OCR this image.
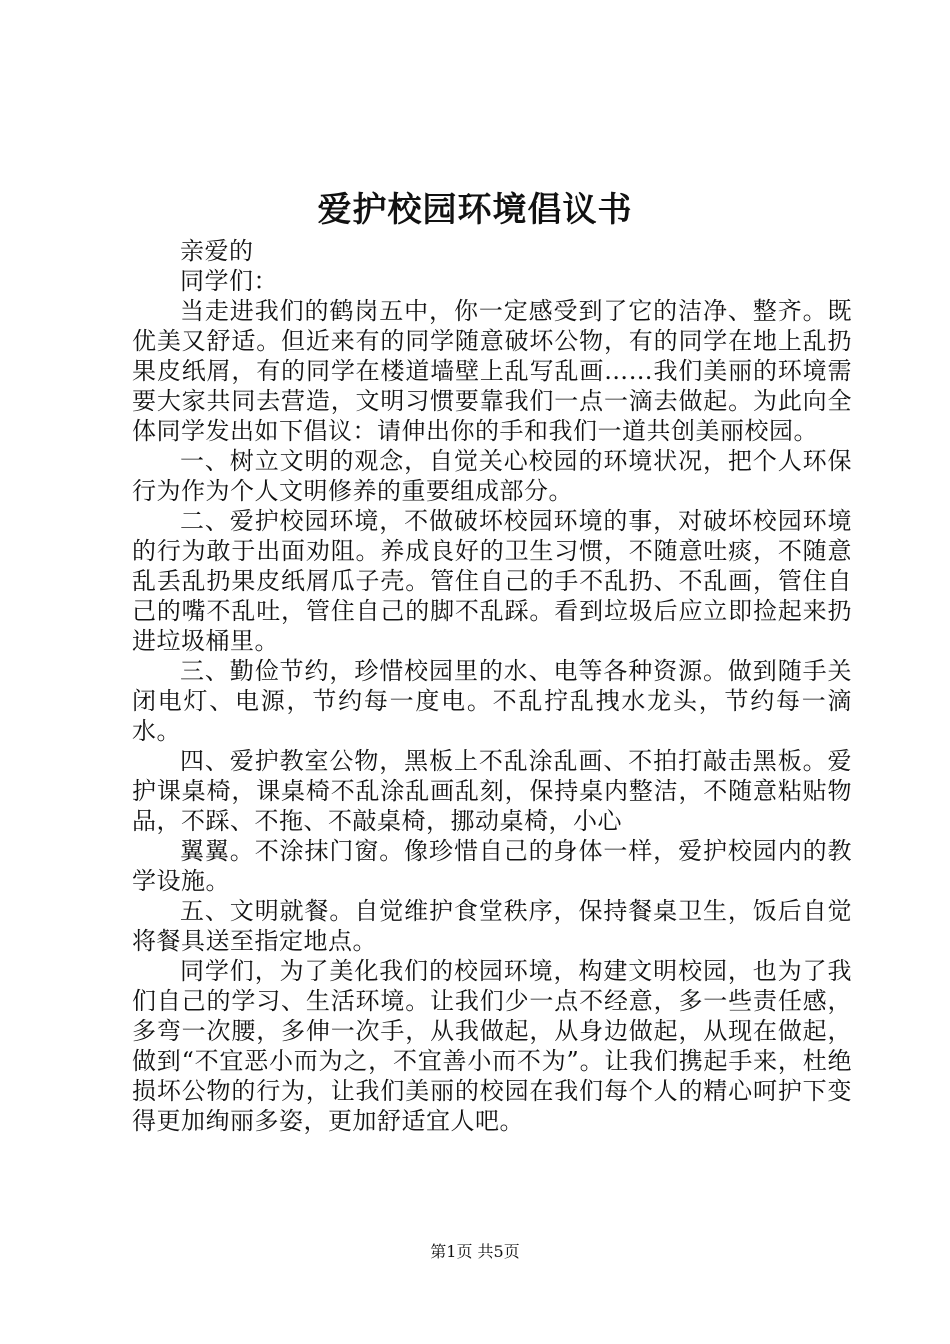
爱护校园环境倡议书

亲爱的

同学们：

当走进我们的鹤岗五中，你一定感受到了它的洁净、整齐。既优美又舒适。但近来有的同学随意破坏公物，有的同学在地上乱扔果皮纸屑，有的同学在楼道墙壁上乱写乱画……我们美丽的环境需要大家共同去营造，文明习惯要靠我们一点一滴去做起。为此向全体同学发出如下倡议：请伸出你的手和我们一道共创美丽校园。

一、树立文明的观念，自觉关心校园的环境状况，把个人环保行为作为个人文明修养的重要组成部分。

二、爱护校园环境，不做破坏校园环境的事，对破坏校园环境的行为敢于出面劝阻。养成良好的卫生习惯，不随意吐痰，不随意乱丢乱扔果皮纸屑瓜子壳。管住自己的手不乱扔、不乱画，管住自己的嘴不乱吐，管住自己的脚不乱踩。看到垃圾后应立即捡起来扔进垃圾桶里。

三、勤俭节约，珍惜校园里的水、电等各种资源。做到随手关闭电灯、电源，节约每一度电。不乱拧乱拽水龙头，节约每一滴水。

四、爱护教室公物，黑板上不乱涂乱画、不拍打敲击黑板。爱护课桌椅，课桌椅不乱涂乱画乱刻，保持桌内整洁，不随意粘贴物品，不踩、不拖、不敲桌椅，挪动桌椅，小心

翼翼。不涂抹门窗。像珍惜自己的身体一样，爱护校园内的教学设施。

五、文明就餐。自觉维护食堂秩序，保持餐桌卫生，饭后自觉将餐具送至指定地点。

同学们，为了美化我们的校园环境，构建文明校园，也为了我们自己的学习、生活环境。让我们少一点不经意，多一些责任感，多弯一次腰，多伸一次手，从我做起，从身边做起，从现在做起，做到“不宜恶小而为之，不宜善小而不为”。让我们携起手来，杜绝损坏公物的行为，让我们美丽的校园在我们每个人的精心呵护下变得更加绚丽多姿，更加舒适宜人吧。

第1页 共5页
